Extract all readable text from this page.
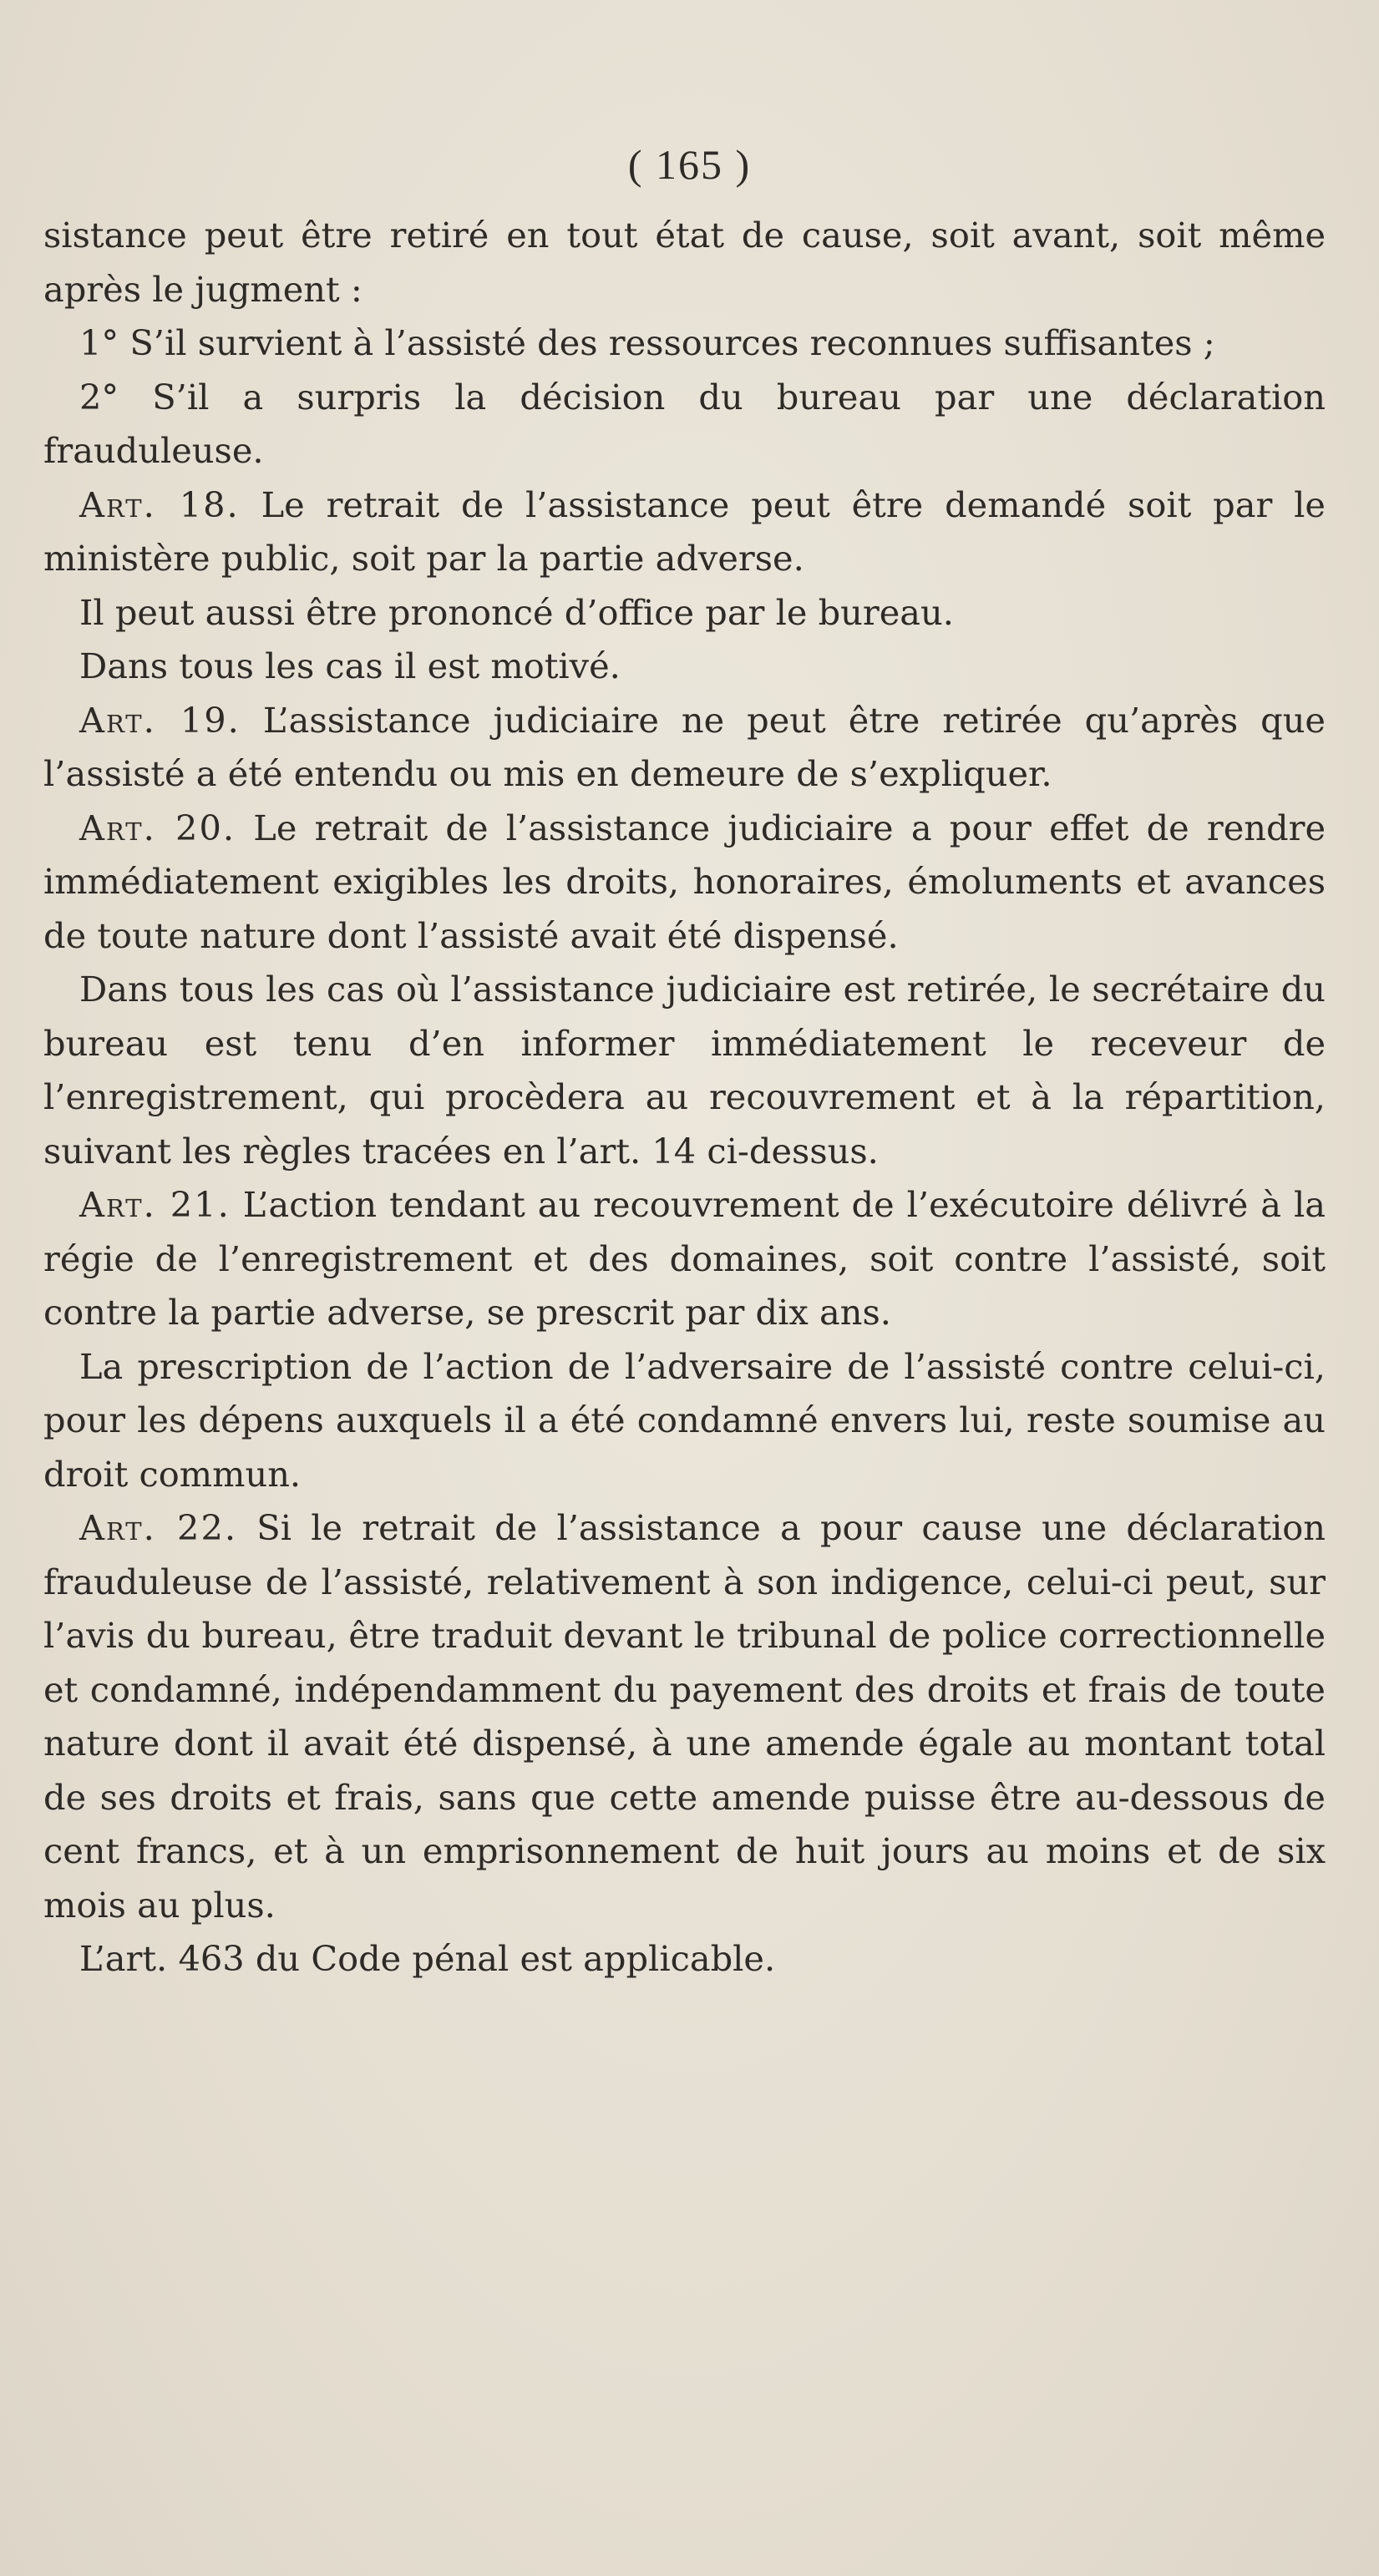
( 165 )

sistance peut être retiré en tout état de cause, soit avant, soit même après le jugment :

1° S’il survient à l’assisté des ressources reconnues suffisantes ;

2° S’il a surpris la décision du bureau par une déclaration frauduleuse.

Art. 18. Le retrait de l’assistance peut être demandé soit par le ministère public, soit par la partie adverse.

Il peut aussi être prononcé d’office par le bureau.

Dans tous les cas il est motivé.

Art. 19. L’assistance judiciaire ne peut être retirée qu’après que l’assisté a été entendu ou mis en demeure de s’expliquer.

Art. 20. Le retrait de l’assistance judiciaire a pour effet de rendre immédiatement exigibles les droits, honoraires, émoluments et avances de toute nature dont l’assisté avait été dispensé.

Dans tous les cas où l’assistance judiciaire est retirée, le secrétaire du bureau est tenu d’en informer immédiatement le receveur de l’enregistrement, qui procèdera au recouvrement et à la répartition, suivant les règles tracées en l’art. 14 ci-dessus.

Art. 21. L’action tendant au recouvrement de l’exécutoire délivré à la régie de l’enregistrement et des domaines, soit contre l’assisté, soit contre la partie adverse, se prescrit par dix ans.

La prescription de l’action de l’adversaire de l’assisté contre celui-ci, pour les dépens auxquels il a été condamné envers lui, reste soumise au droit commun.

Art. 22. Si le retrait de l’assistance a pour cause une déclaration frauduleuse de l’assisté, relativement à son indigence, celui-ci peut, sur l’avis du bureau, être traduit devant le tribunal de police correctionnelle et condamné, indépendamment du payement des droits et frais de toute nature dont il avait été dispensé, à une amende égale au montant total de ses droits et frais, sans que cette amende puisse être au-dessous de cent francs, et à un emprisonnement de huit jours au moins et de six mois au plus.

L’art. 463 du Code pénal est applicable.
